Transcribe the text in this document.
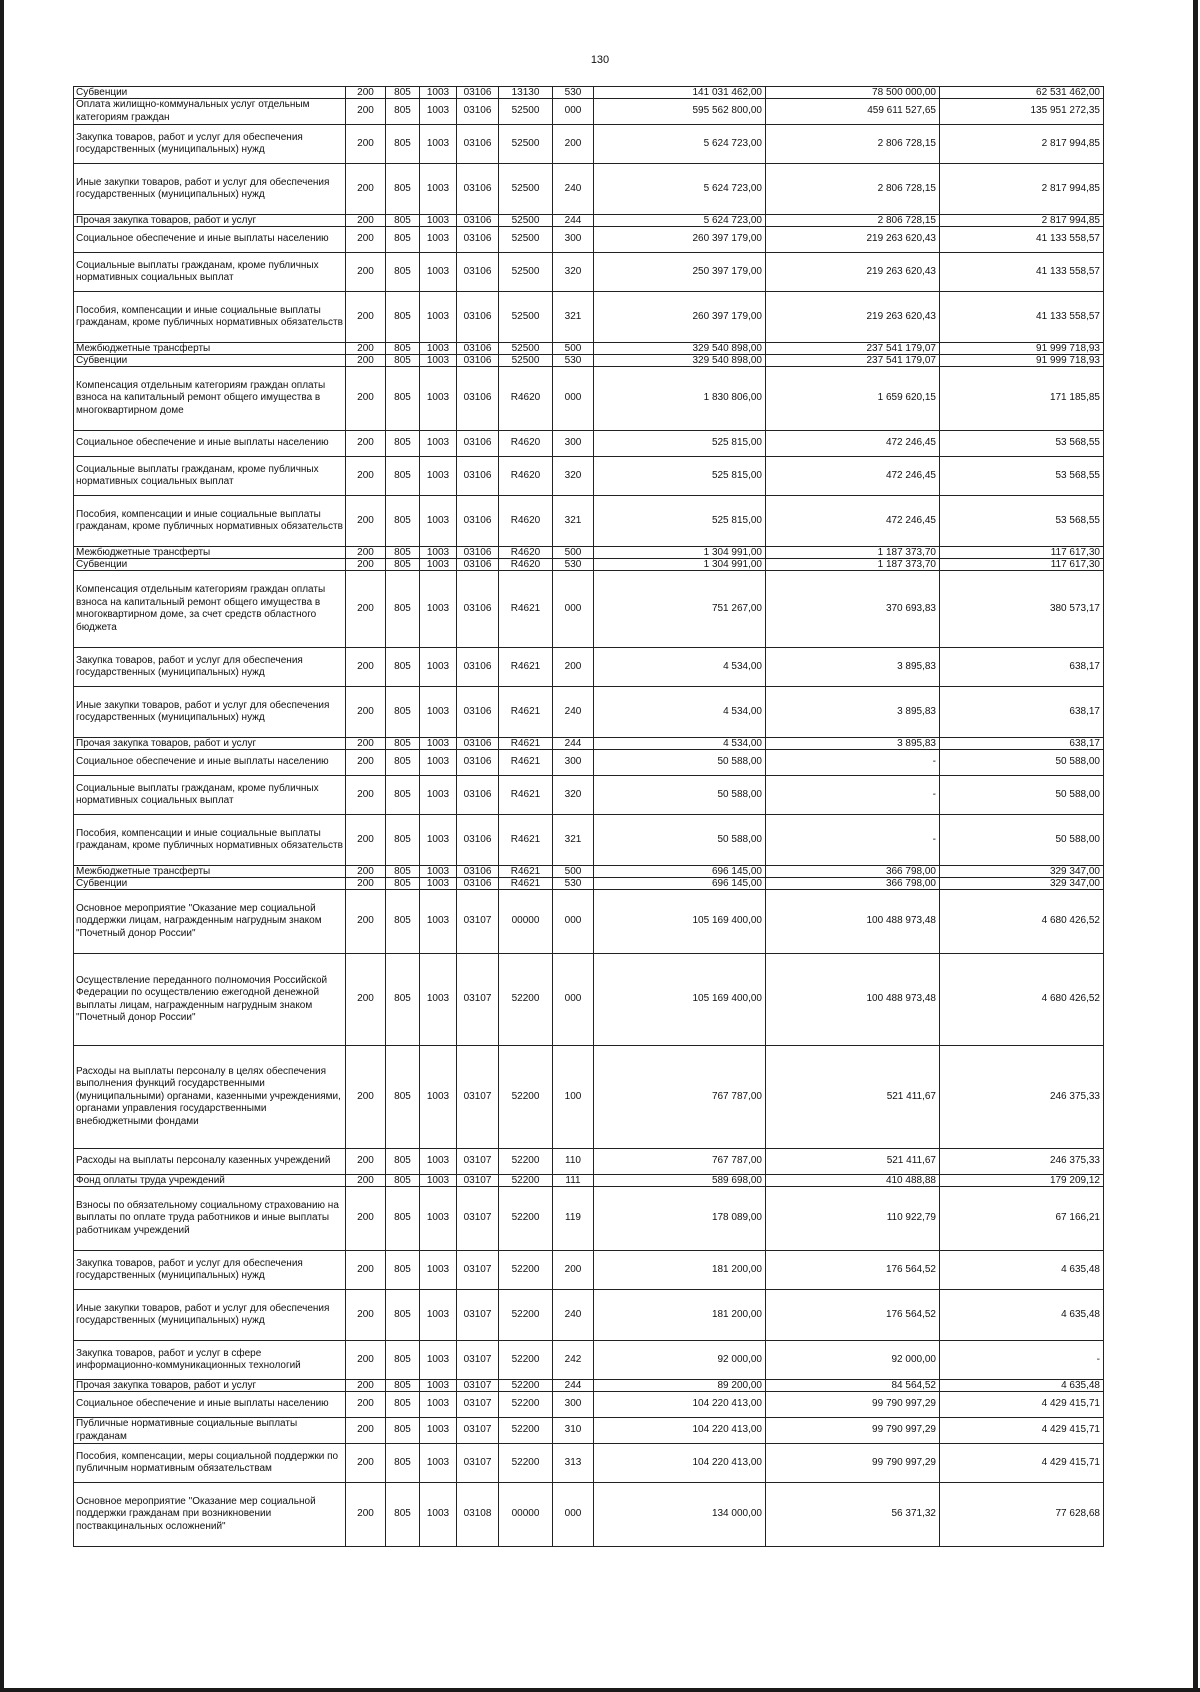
130
Субвенции	200	805	1003	03106	13130	530	141 031 462,00	78 500 000,00	62 531 462,00
Оплата жилищно-коммунальных услуг отдельным категориям граждан	200	805	1003	03106	52500	000	595 562 800,00	459 611 527,65	135 951 272,35
Закупка товаров, работ и услуг для обеспечения государственных (муниципальных) нужд	200	805	1003	03106	52500	200	5 624 723,00	2 806 728,15	2 817 994,85
Иные закупки товаров, работ и услуг для обеспечения государственных (муниципальных) нужд	200	805	1003	03106	52500	240	5 624 723,00	2 806 728,15	2 817 994,85
Прочая закупка товаров, работ и услуг	200	805	1003	03106	52500	244	5 624 723,00	2 806 728,15	2 817 994,85
Социальное обеспечение и иные выплаты населению	200	805	1003	03106	52500	300	260 397 179,00	219 263 620,43	41 133 558,57
Социальные выплаты гражданам, кроме публичных нормативных социальных выплат	200	805	1003	03106	52500	320	250 397 179,00	219 263 620,43	41 133 558,57
Пособия, компенсации и иные социальные выплаты гражданам, кроме публичных нормативных обязательств	200	805	1003	03106	52500	321	260 397 179,00	219 263 620,43	41 133 558,57
Межбюджетные трансферты	200	805	1003	03106	52500	500	329 540 898,00	237 541 179,07	91 999 718,93
Субвенции	200	805	1003	03106	52500	530	329 540 898,00	237 541 179,07	91 999 718,93
Компенсация отдельным категориям граждан оплаты взноса на капитальный ремонт общего имущества в многоквартирном доме	200	805	1003	03106	R4620	000	1 830 806,00	1 659 620,15	171 185,85
Социальное обеспечение и иные выплаты населению	200	805	1003	03106	R4620	300	525 815,00	472 246,45	53 568,55
Социальные выплаты гражданам, кроме публичных нормативных социальных выплат	200	805	1003	03106	R4620	320	525 815,00	472 246,45	53 568,55
Пособия, компенсации и иные социальные выплаты гражданам, кроме публичных нормативных обязательств	200	805	1003	03106	R4620	321	525 815,00	472 246,45	53 568,55
Межбюджетные трансферты	200	805	1003	03106	R4620	500	1 304 991,00	1 187 373,70	117 617,30
Субвенции	200	805	1003	03106	R4620	530	1 304 991,00	1 187 373,70	117 617,30
Компенсация отдельным категориям граждан оплаты взноса на капитальный ремонт общего имущества в многоквартирном доме, за счет средств областного бюджета	200	805	1003	03106	R4621	000	751 267,00	370 693,83	380 573,17
Закупка товаров, работ и услуг для обеспечения государственных (муниципальных) нужд	200	805	1003	03106	R4621	200	4 534,00	3 895,83	638,17
Иные закупки товаров, работ и услуг для обеспечения государственных (муниципальных) нужд	200	805	1003	03106	R4621	240	4 534,00	3 895,83	638,17
Прочая закупка товаров, работ и услуг	200	805	1003	03106	R4621	244	4 534,00	3 895,83	638,17
Социальное обеспечение и иные выплаты населению	200	805	1003	03106	R4621	300	50 588,00	-	50 588,00
Социальные выплаты гражданам, кроме публичных нормативных социальных выплат	200	805	1003	03106	R4621	320	50 588,00	-	50 588,00
Пособия, компенсации и иные социальные выплаты гражданам, кроме публичных нормативных обязательств	200	805	1003	03106	R4621	321	50 588,00	-	50 588,00
Межбюджетные трансферты	200	805	1003	03106	R4621	500	696 145,00	366 798,00	329 347,00
Субвенции	200	805	1003	03106	R4621	530	696 145,00	366 798,00	329 347,00
Основное мероприятие "Оказание мер социальной поддержки лицам, награжденным нагрудным знаком "Почетный донор России"	200	805	1003	03107	00000	000	105 169 400,00	100 488 973,48	4 680 426,52
Осуществление переданного полномочия Российской Федерации по осуществлению ежегодной денежной выплаты лицам, награжденным нагрудным знаком "Почетный донор России"	200	805	1003	03107	52200	000	105 169 400,00	100 488 973,48	4 680 426,52
Расходы на выплаты персоналу в целях обеспечения выполнения функций государственными (муниципальными) органами, казенными учреждениями, органами управления государственными внебюджетными фондами	200	805	1003	03107	52200	100	767 787,00	521 411,67	246 375,33
Расходы на выплаты персоналу казенных учреждений	200	805	1003	03107	52200	110	767 787,00	521 411,67	246 375,33
Фонд оплаты труда учреждений	200	805	1003	03107	52200	111	589 698,00	410 488,88	179 209,12
Взносы по обязательному социальному страхованию на выплаты по оплате труда работников и иные выплаты работникам учреждений	200	805	1003	03107	52200	119	178 089,00	110 922,79	67 166,21
Закупка товаров, работ и услуг для обеспечения государственных (муниципальных) нужд	200	805	1003	03107	52200	200	181 200,00	176 564,52	4 635,48
Иные закупки товаров, работ и услуг для обеспечения государственных (муниципальных) нужд	200	805	1003	03107	52200	240	181 200,00	176 564,52	4 635,48
Закупка товаров, работ и услуг в сфере информационно-коммуникационных технологий	200	805	1003	03107	52200	242	92 000,00	92 000,00	-
Прочая закупка товаров, работ и услуг	200	805	1003	03107	52200	244	89 200,00	84 564,52	4 635,48
Социальное обеспечение и иные выплаты населению	200	805	1003	03107	52200	300	104 220 413,00	99 790 997,29	4 429 415,71
Публичные нормативные социальные выплаты гражданам	200	805	1003	03107	52200	310	104 220 413,00	99 790 997,29	4 429 415,71
Пособия, компенсации, меры социальной поддержки по публичным нормативным обязательствам	200	805	1003	03107	52200	313	104 220 413,00	99 790 997,29	4 429 415,71
Основное мероприятие "Оказание мер социальной поддержки гражданам при возникновении поствакцинальных осложнений"	200	805	1003	03108	00000	000	134 000,00	56 371,32	77 628,68
